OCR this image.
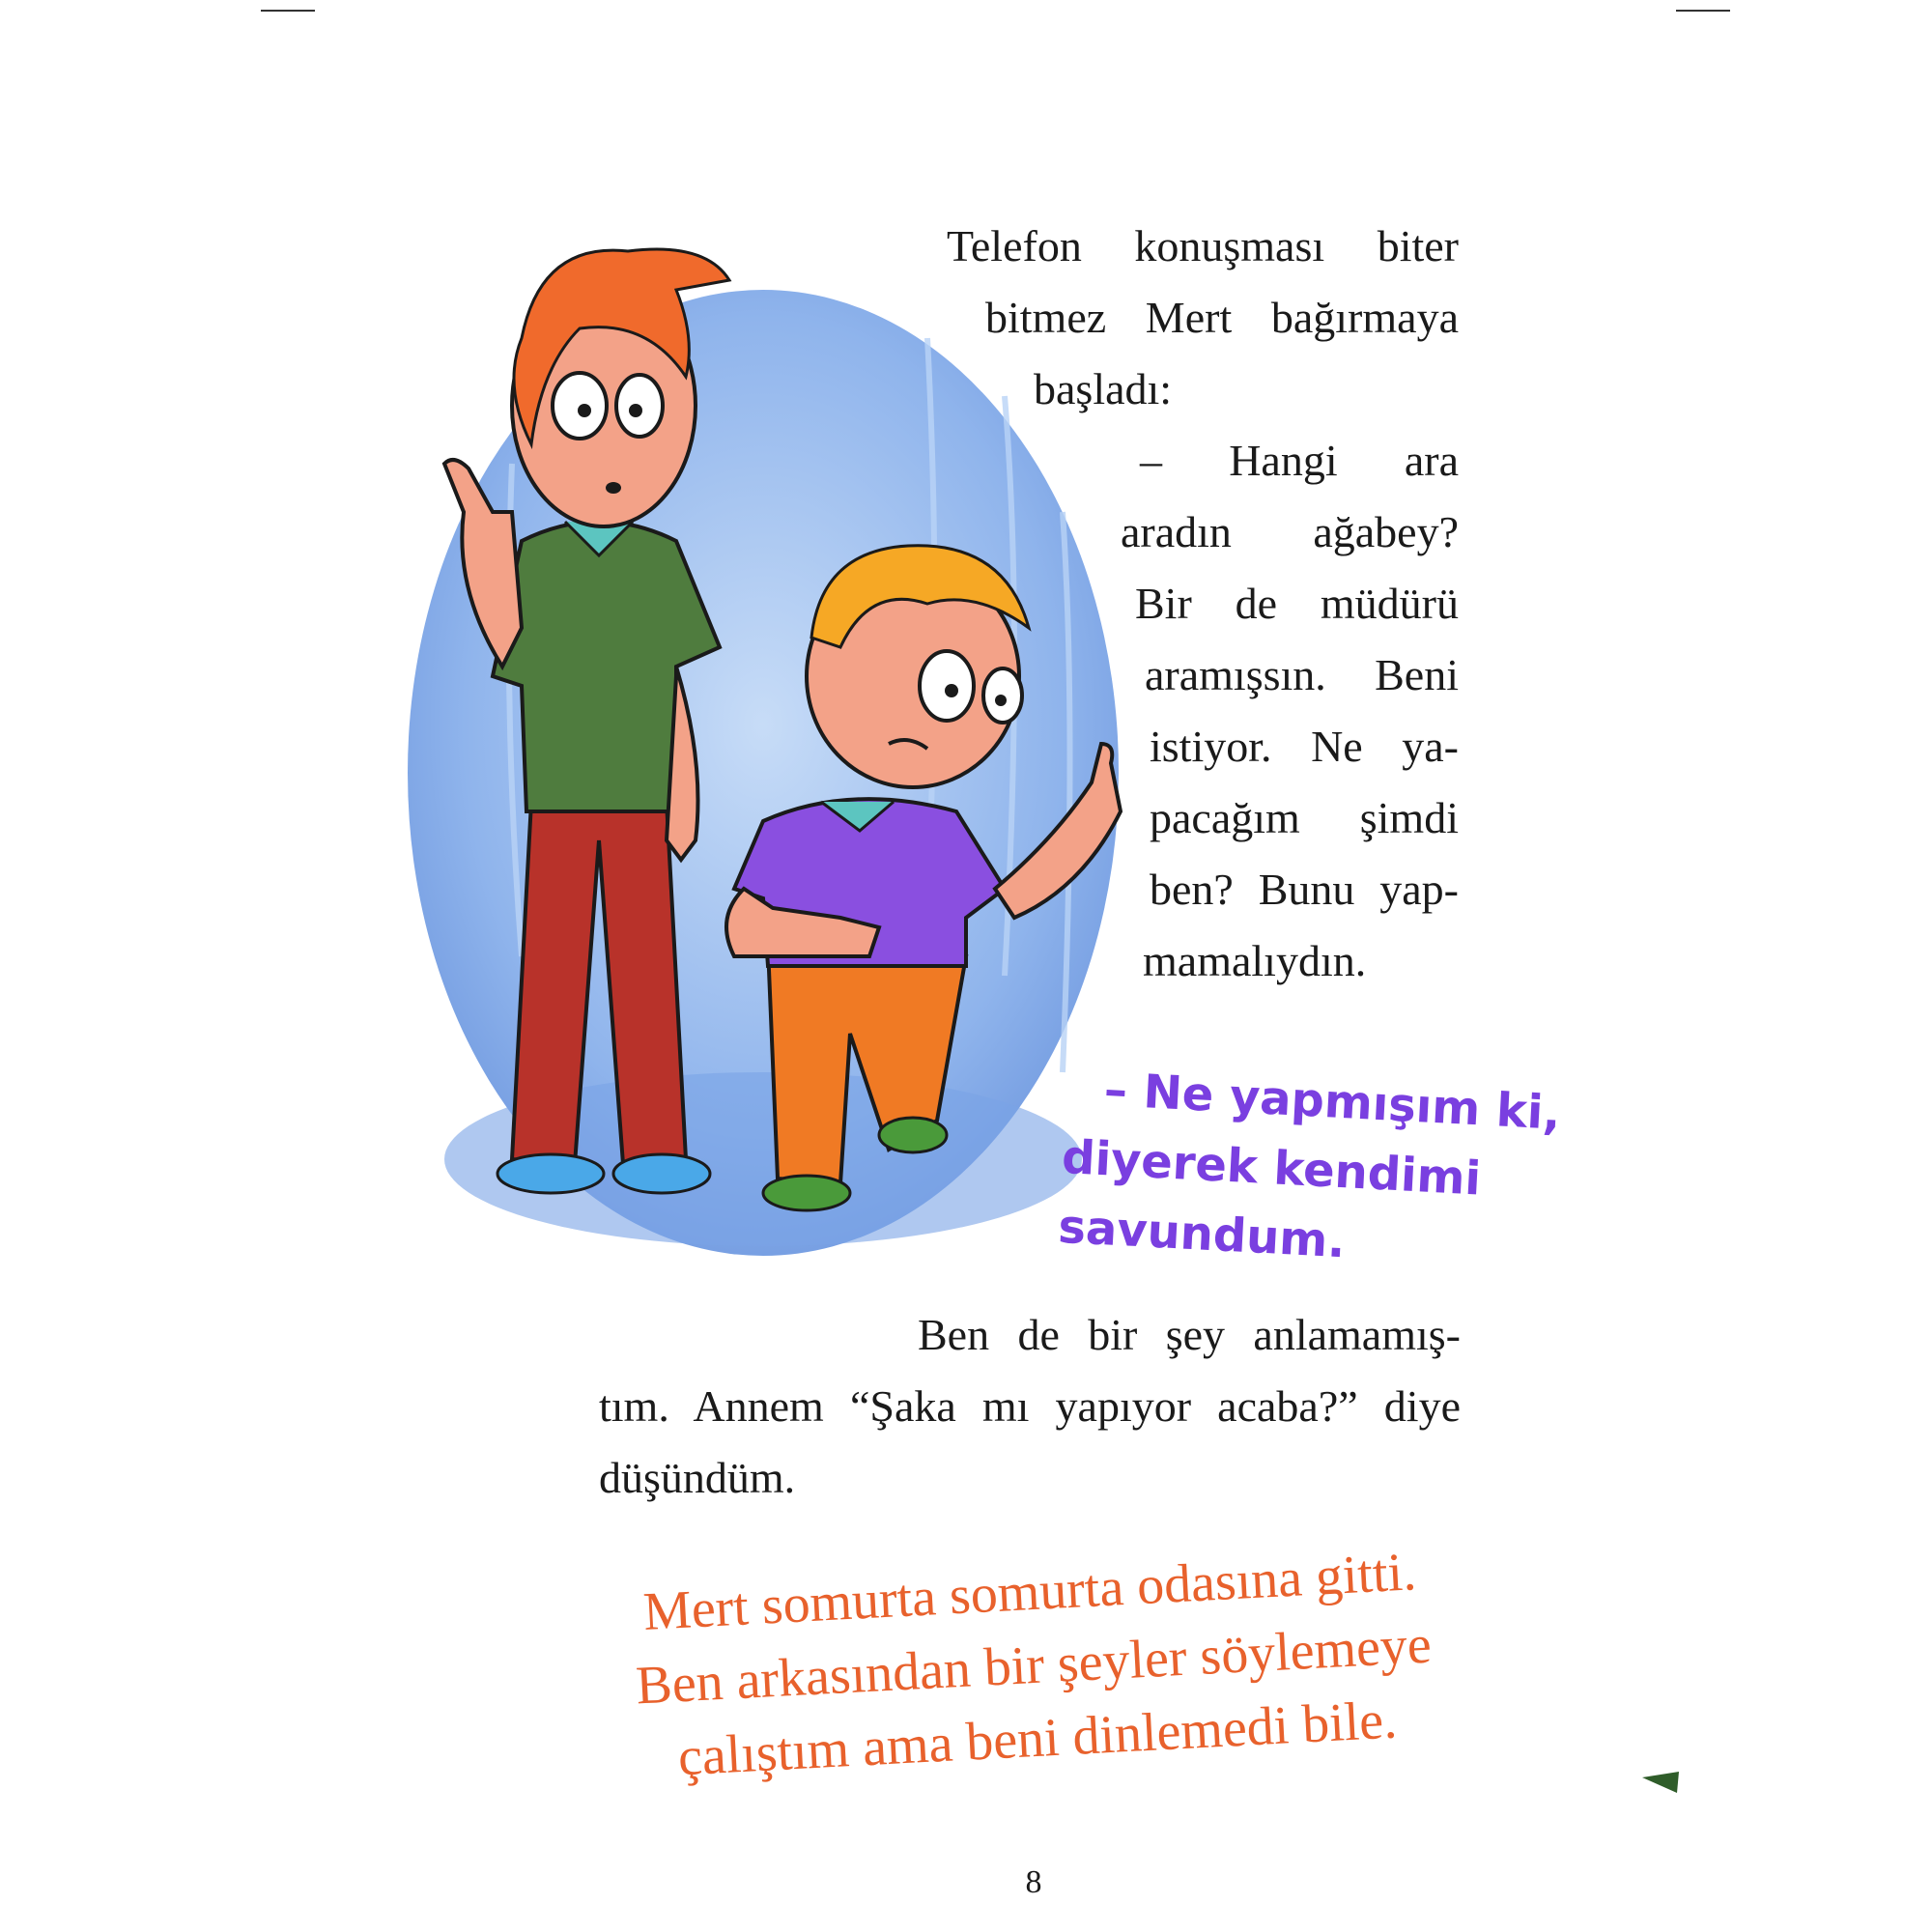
Telefon konuşması biter
bitmez Mert bağırmaya

başladı:

– Hangi ara
aradın ağabey?
Bir de müdürü
aramışsın. Beni
istiyor. Ne ya-
pacağım şimdi
ben? Bunu yap-

mamalıydın.

– Ne yapmışım ki,
diyerek kendimi
savundum.

Ben de bir şey anlamamış-
tım. Annem “Şaka mı yapıyor acaba?” diye

düşündüm.

Mert somurta somurta odasına gitti.
Ben arkasından bir şeyler söylemeye
çalıştım ama beni dinlemedi bile.

8
